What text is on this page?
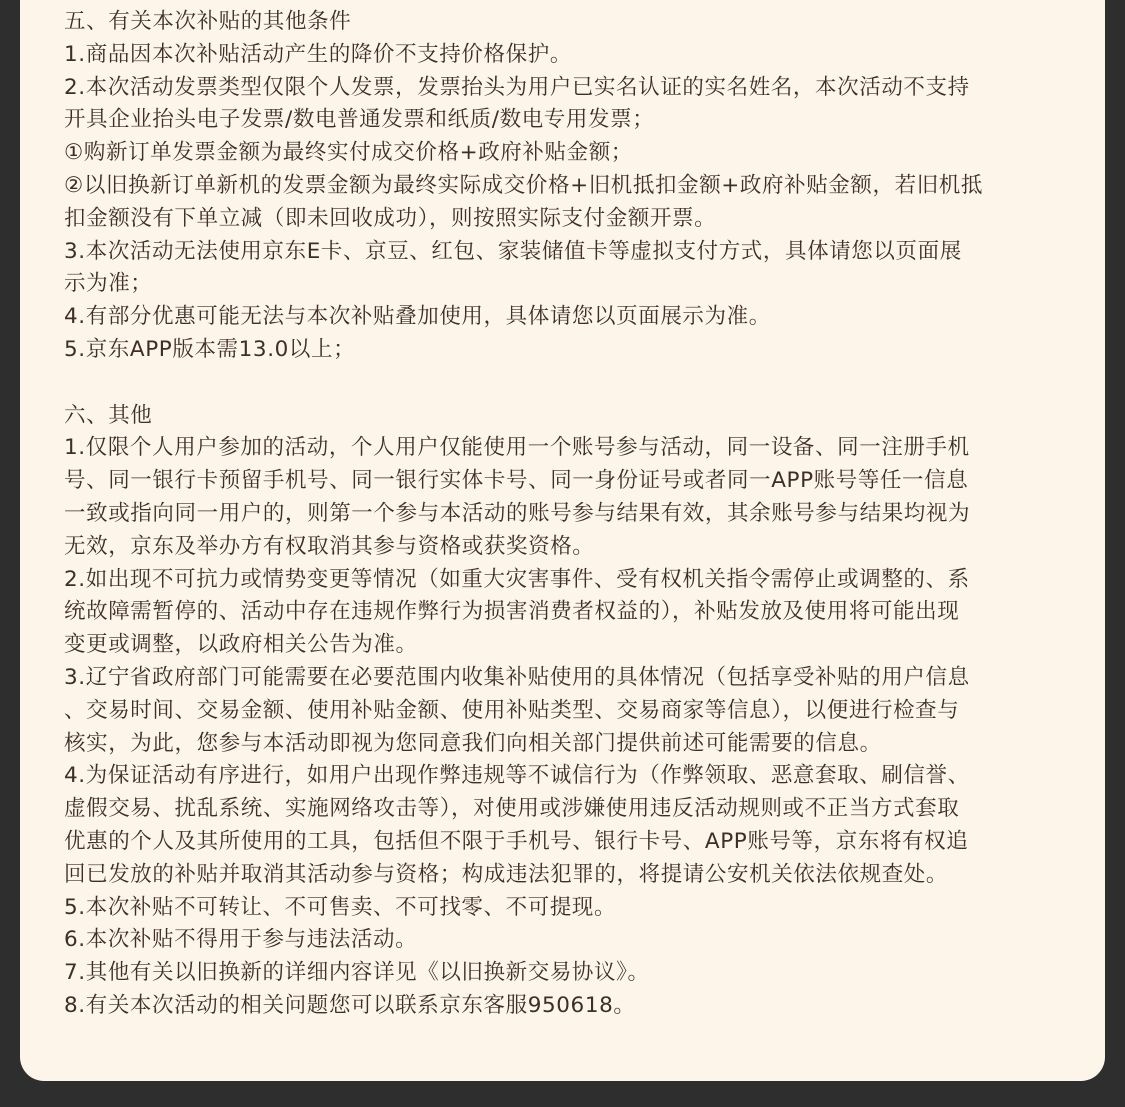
五、有关本次补贴的其他条件
1.商品因本次补贴活动产生的降价不支持价格保护。
2.本次活动发票类型仅限个人发票，发票抬头为用户已实名认证的实名姓名，本次活动不支持
开具企业抬头电子发票/数电普通发票和纸质/数电专用发票；
①购新订单发票金额为最终实付成交价格+政府补贴金额；
②以旧换新订单新机的发票金额为最终实际成交价格+旧机抵扣金额+政府补贴金额，若旧机抵
扣金额没有下单立减（即未回收成功），则按照实际支付金额开票。
3.本次活动无法使用京东E卡、京豆、红包、家装储值卡等虚拟支付方式，具体请您以页面展
示为准；
4.有部分优惠可能无法与本次补贴叠加使用，具体请您以页面展示为准。
5.京东APP版本需13.0以上；
六、其他
1.仅限个人用户参加的活动，个人用户仅能使用一个账号参与活动，同一设备、同一注册手机
号、同一银行卡预留手机号、同一银行实体卡号、同一身份证号或者同一APP账号等任一信息
一致或指向同一用户的，则第一个参与本活动的账号参与结果有效，其余账号参与结果均视为
无效，京东及举办方有权取消其参与资格或获奖资格。
2.如出现不可抗力或情势变更等情况（如重大灾害事件、受有权机关指令需停止或调整的、系
统故障需暂停的、活动中存在违规作弊行为损害消费者权益的），补贴发放及使用将可能出现
变更或调整，以政府相关公告为准。
3.辽宁省政府部门可能需要在必要范围内收集补贴使用的具体情况（包括享受补贴的用户信息
、交易时间、交易金额、使用补贴金额、使用补贴类型、交易商家等信息），以便进行检查与
核实，为此，您参与本活动即视为您同意我们向相关部门提供前述可能需要的信息。
4.为保证活动有序进行，如用户出现作弊违规等不诚信行为（作弊领取、恶意套取、刷信誉、
虚假交易、扰乱系统、实施网络攻击等），对使用或涉嫌使用违反活动规则或不正当方式套取
优惠的个人及其所使用的工具，包括但不限于手机号、银行卡号、APP账号等，京东将有权追
回已发放的补贴并取消其活动参与资格；构成违法犯罪的，将提请公安机关依法依规查处。
5.本次补贴不可转让、不可售卖、不可找零、不可提现。
6.本次补贴不得用于参与违法活动。
7.其他有关以旧换新的详细内容详见《以旧换新交易协议》。
8.有关本次活动的相关问题您可以联系京东客服950618。
